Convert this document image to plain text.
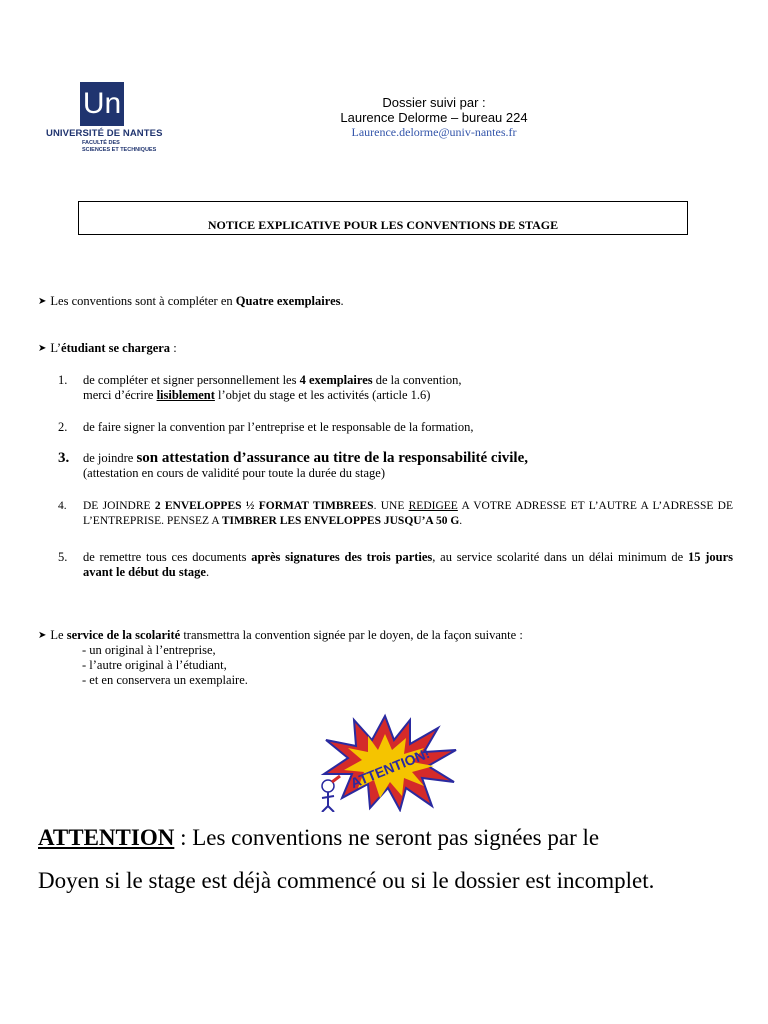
Un
UNIVERSITÉ DE NANTES
FACULTÉ DES
SCIENCES ET TECHNIQUES
Dossier suivi par :
Laurence Delorme – bureau 224
Laurence.delorme@univ-nantes.fr
NOTICE EXPLICATIVE POUR LES CONVENTIONS DE STAGE
➤ Les conventions sont à compléter en Quatre exemplaires.
➤ L’étudiant se chargera :
1.	de compléter et signer personnellement les 4 exemplaires de la convention,
merci d’écrire lisiblement l’objet du stage et les activités (article 1.6)
2.	de faire signer la convention par l’entreprise et le responsable de la formation,
3. de joindre son attestation d’assurance au titre de la responsabilité civile,
(attestation en cours de validité pour toute la durée du stage)
4.	DE JOINDRE 2 ENVELOPPES ½ FORMAT TIMBREES. UNE REDIGEE A VOTRE ADRESSE ET L’AUTRE A L’ADRESSE DE L’ENTREPRISE. PENSEZ A TIMBRER LES ENVELOPPES JUSQU’A 50 G.
5.	de remettre tous ces documents après signatures des trois parties, au service scolarité dans un délai minimum de 15 jours avant le début du stage.
➤ Le service de la scolarité transmettra la convention signée par le doyen, de la façon suivante :
- un original à l’entreprise,
- l’autre original à l’étudiant,
- et en conservera un exemplaire.
ATTENTION!
ATTENTION : Les conventions ne seront pas signées par le
Doyen si le stage est déjà commencé ou si le dossier est incomplet.
